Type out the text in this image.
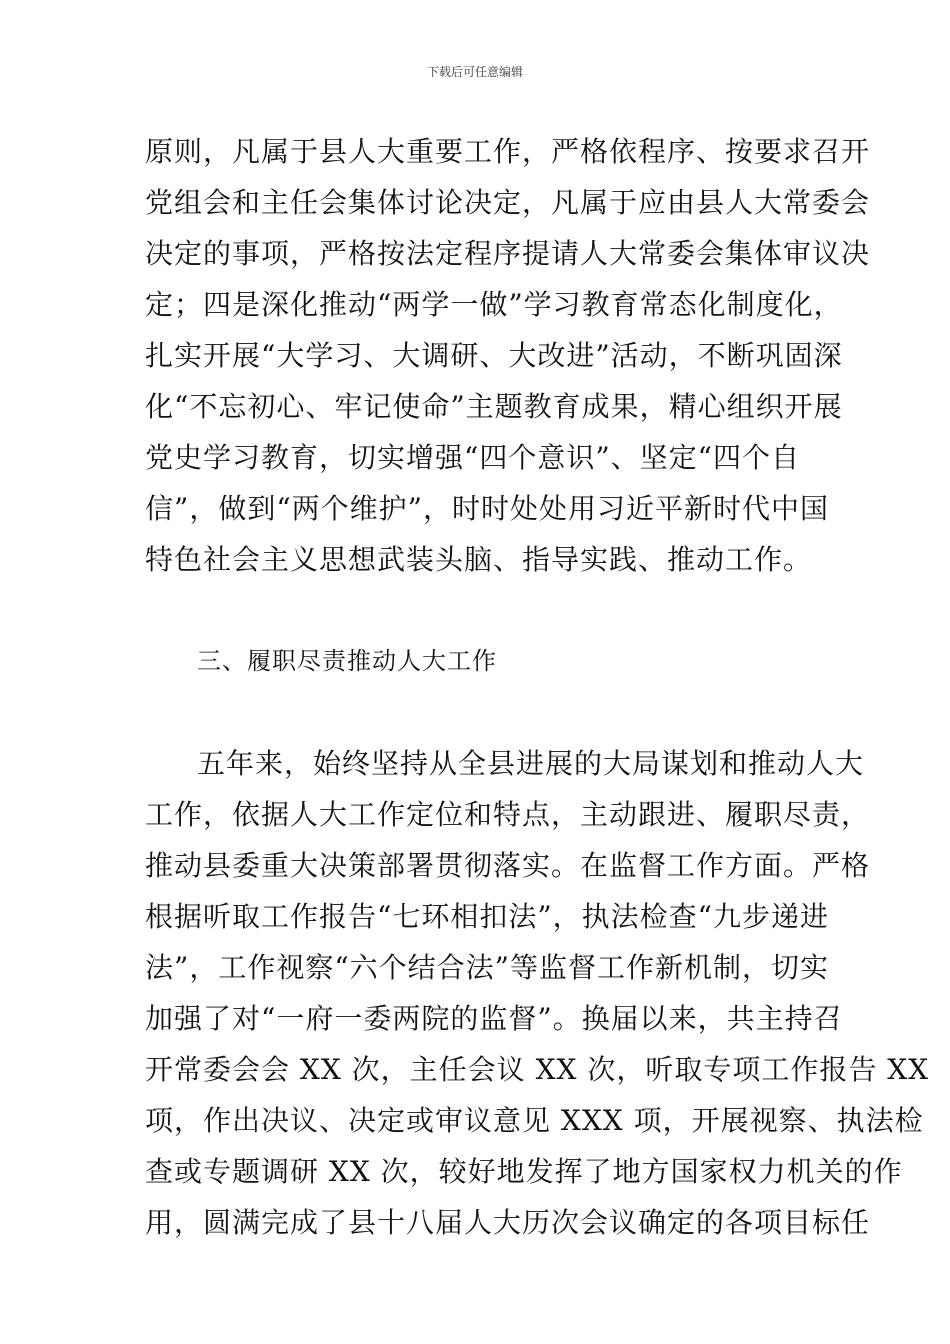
下载后可任意编辑
原则，凡属于县人大重要工作，严格依程序、按要求召开
党组会和主任会集体讨论决定，凡属于应由县人大常委会
决定的事项，严格按法定程序提请人大常委会集体审议决
定；四是深化推动“两学一做”学习教育常态化制度化，
扎实开展“大学习、大调研、大改进”活动，不断巩固深
化“不忘初心、牢记使命”主题教育成果，精心组织开展
党史学习教育，切实增强“四个意识”、坚定“四个自
信”，做到“两个维护”，时时处处用习近平新时代中国
特色社会主义思想武装头脑、指导实践、推动工作。
三、履职尽责推动人大工作
五年来，始终坚持从全县进展的大局谋划和推动人大
工作，依据人大工作定位和特点，主动跟进、履职尽责，
推动县委重大决策部署贯彻落实。在监督工作方面。严格
根据听取工作报告“七环相扣法”，执法检查“九步递进
法”，工作视察“六个结合法”等监督工作新机制，切实
加强了对“一府一委两院的监督”。换届以来，共主持召
开常委会会 XX 次，主任会议 XX 次，听取专项工作报告 XX
项，作出决议、决定或审议意见 XXX 项，开展视察、执法检
查或专题调研 XX 次，较好地发挥了地方国家权力机关的作
用，圆满完成了县十八届人大历次会议确定的各项目标任
